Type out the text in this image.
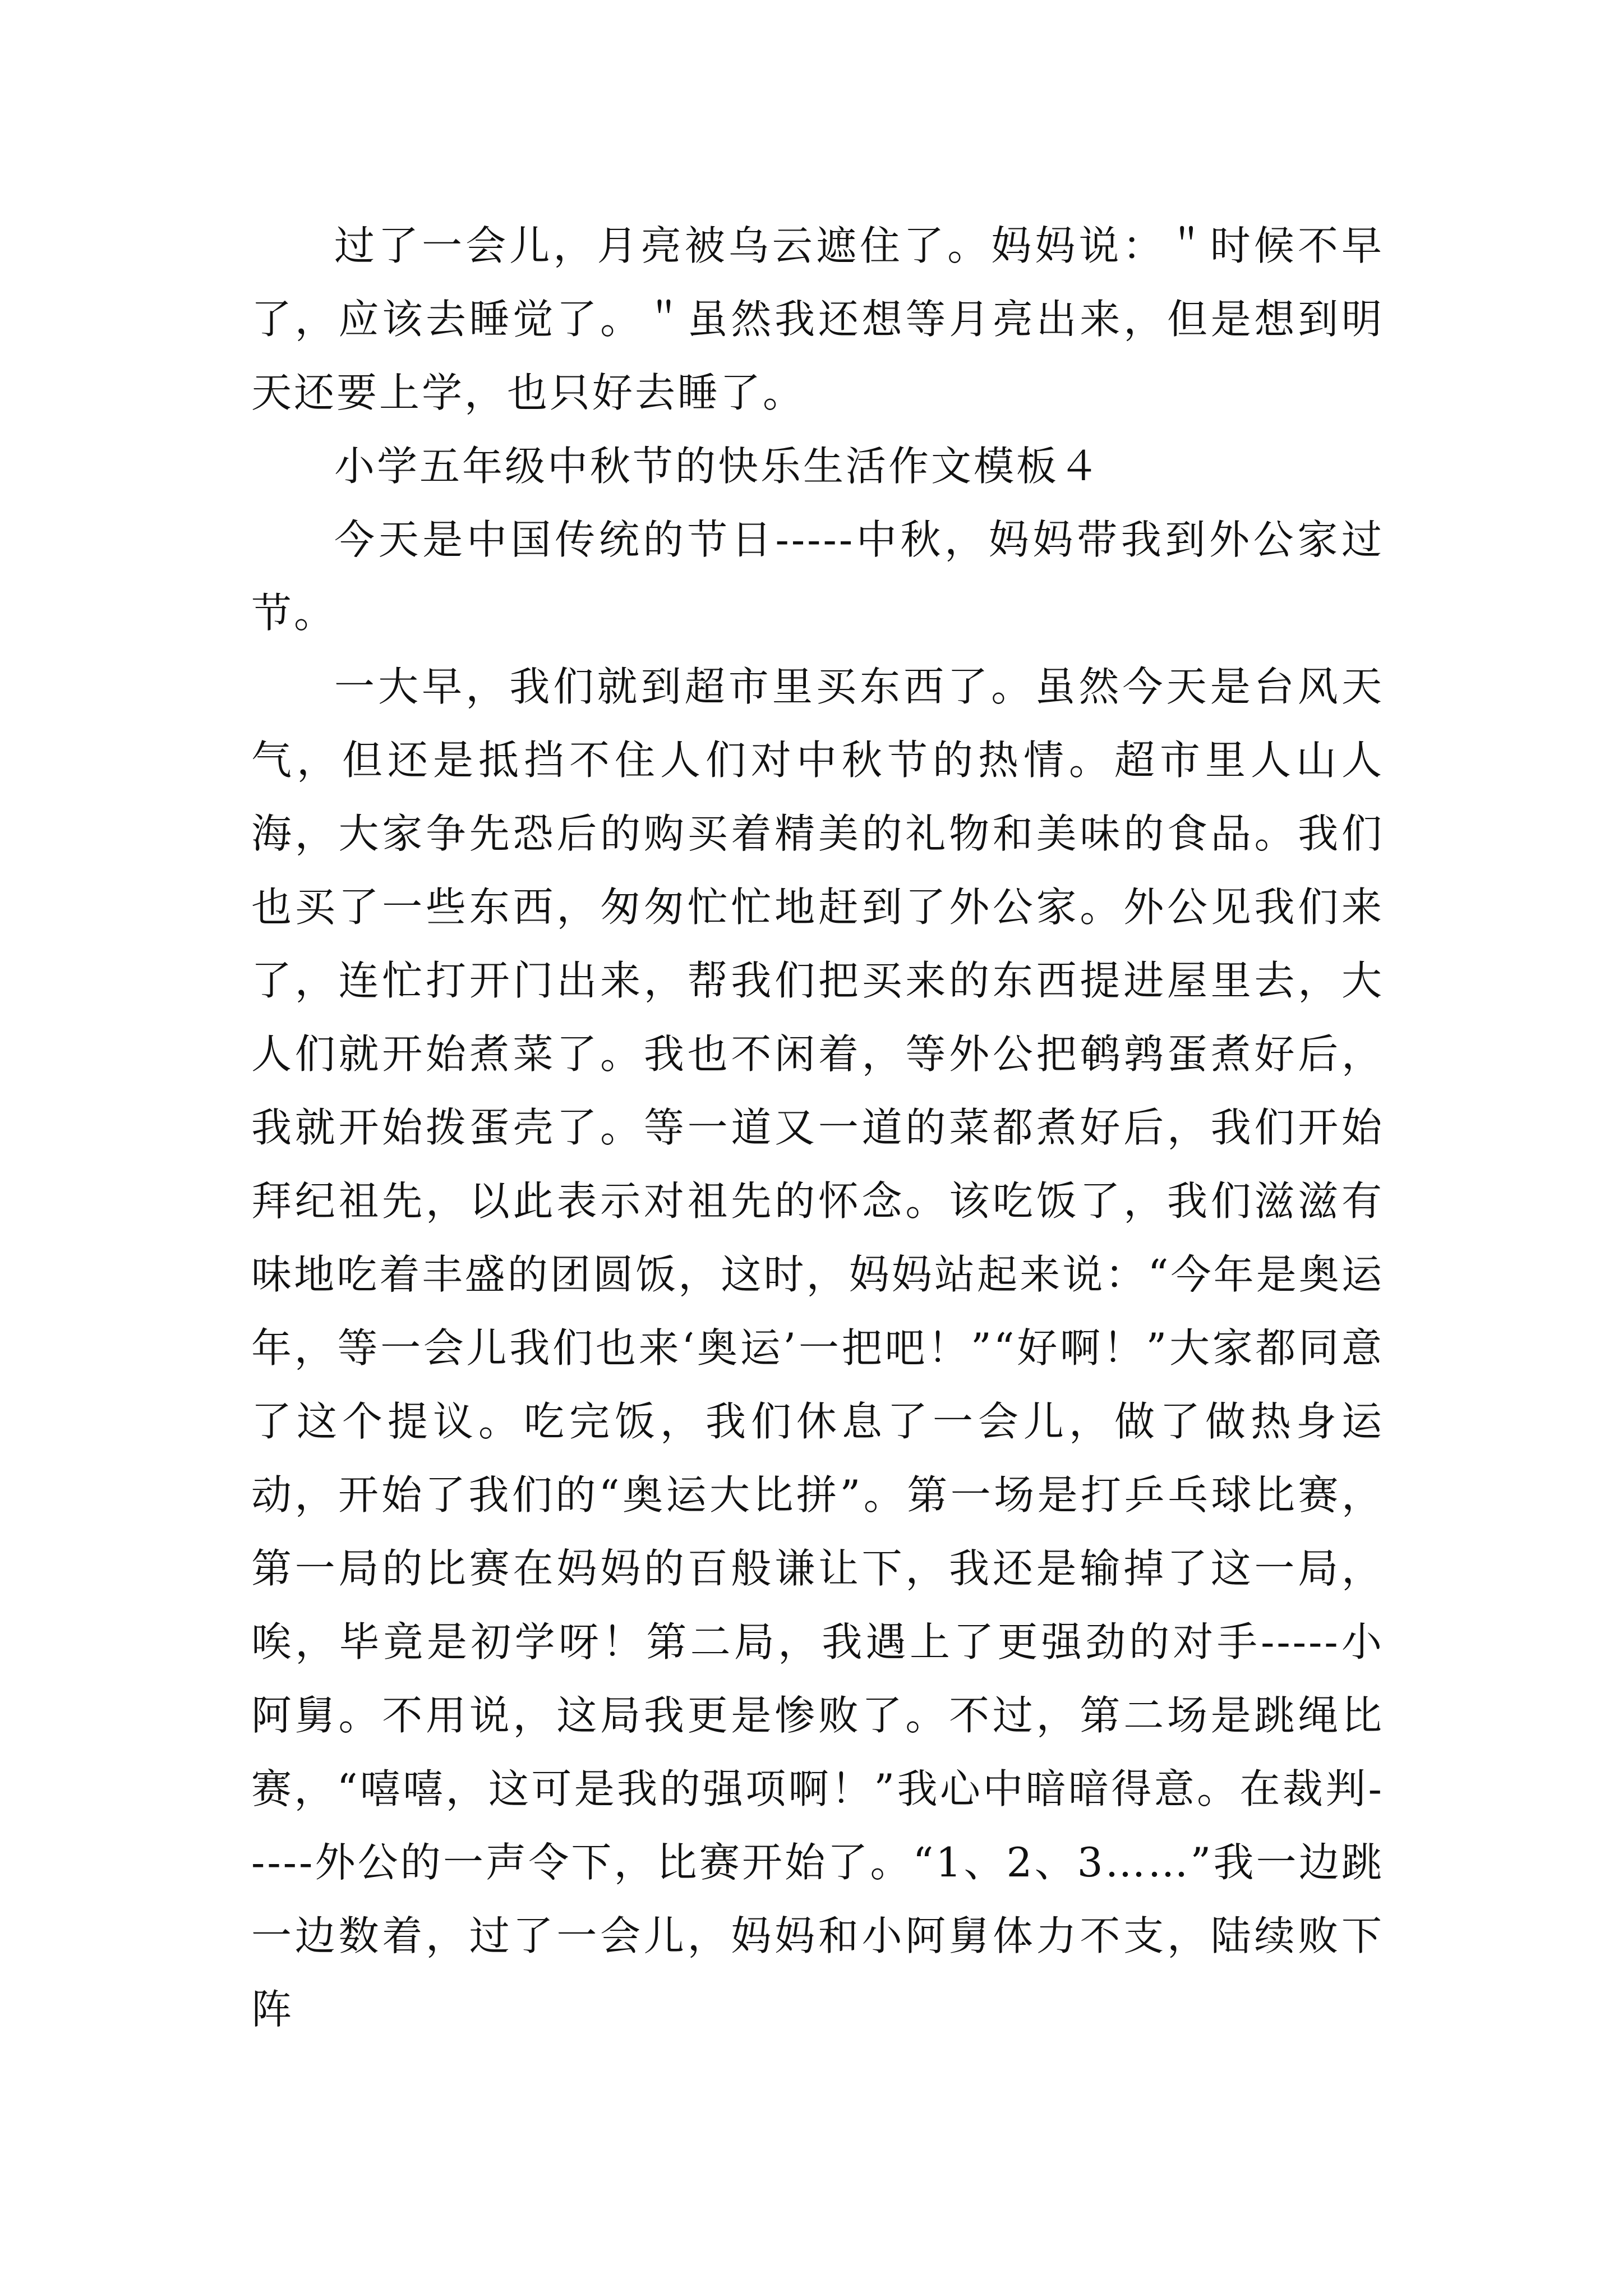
过了一会儿，月亮被乌云遮住了。妈妈说：＂时候不早了，应该去睡觉了。＂虽然我还想等月亮出来，但是想到明天还要上学，也只好去睡了。

小学五年级中秋节的快乐生活作文模板４

今天是中国传统的节日-----中秋，妈妈带我到外公家过节。

一大早，我们就到超市里买东西了。虽然今天是台风天气，但还是抵挡不住人们对中秋节的热情。超市里人山人海，大家争先恐后的购买着精美的礼物和美味的食品。我们也买了一些东西，匆匆忙忙地赶到了外公家。外公见我们来了，连忙打开门出来，帮我们把买来的东西提进屋里去，大人们就开始煮菜了。我也不闲着，等外公把鹌鹑蛋煮好后，我就开始拨蛋壳了。等一道又一道的菜都煮好后，我们开始拜纪祖先，以此表示对祖先的怀念。该吃饭了，我们滋滋有味地吃着丰盛的团圆饭，这时，妈妈站起来说：“今年是奥运年，等一会儿我们也来‘奥运’一把吧！”“好啊！”大家都同意了这个提议。吃完饭，我们休息了一会儿，做了做热身运动，开始了我们的“奥运大比拼”。第一场是打乒乓球比赛，第一局的比赛在妈妈的百般谦让下，我还是输掉了这一局，唉，毕竟是初学呀！第二局，我遇上了更强劲的对手-----小阿舅。不用说，这局我更是惨败了。不过，第二场是跳绳比赛，“嘻嘻，这可是我的强项啊！”我心中暗暗得意。在裁判-----外公的一声令下，比赛开始了。“1、2、3……”我一边跳一边数着，过了一会儿，妈妈和小阿舅体力不支，陆续败下阵
